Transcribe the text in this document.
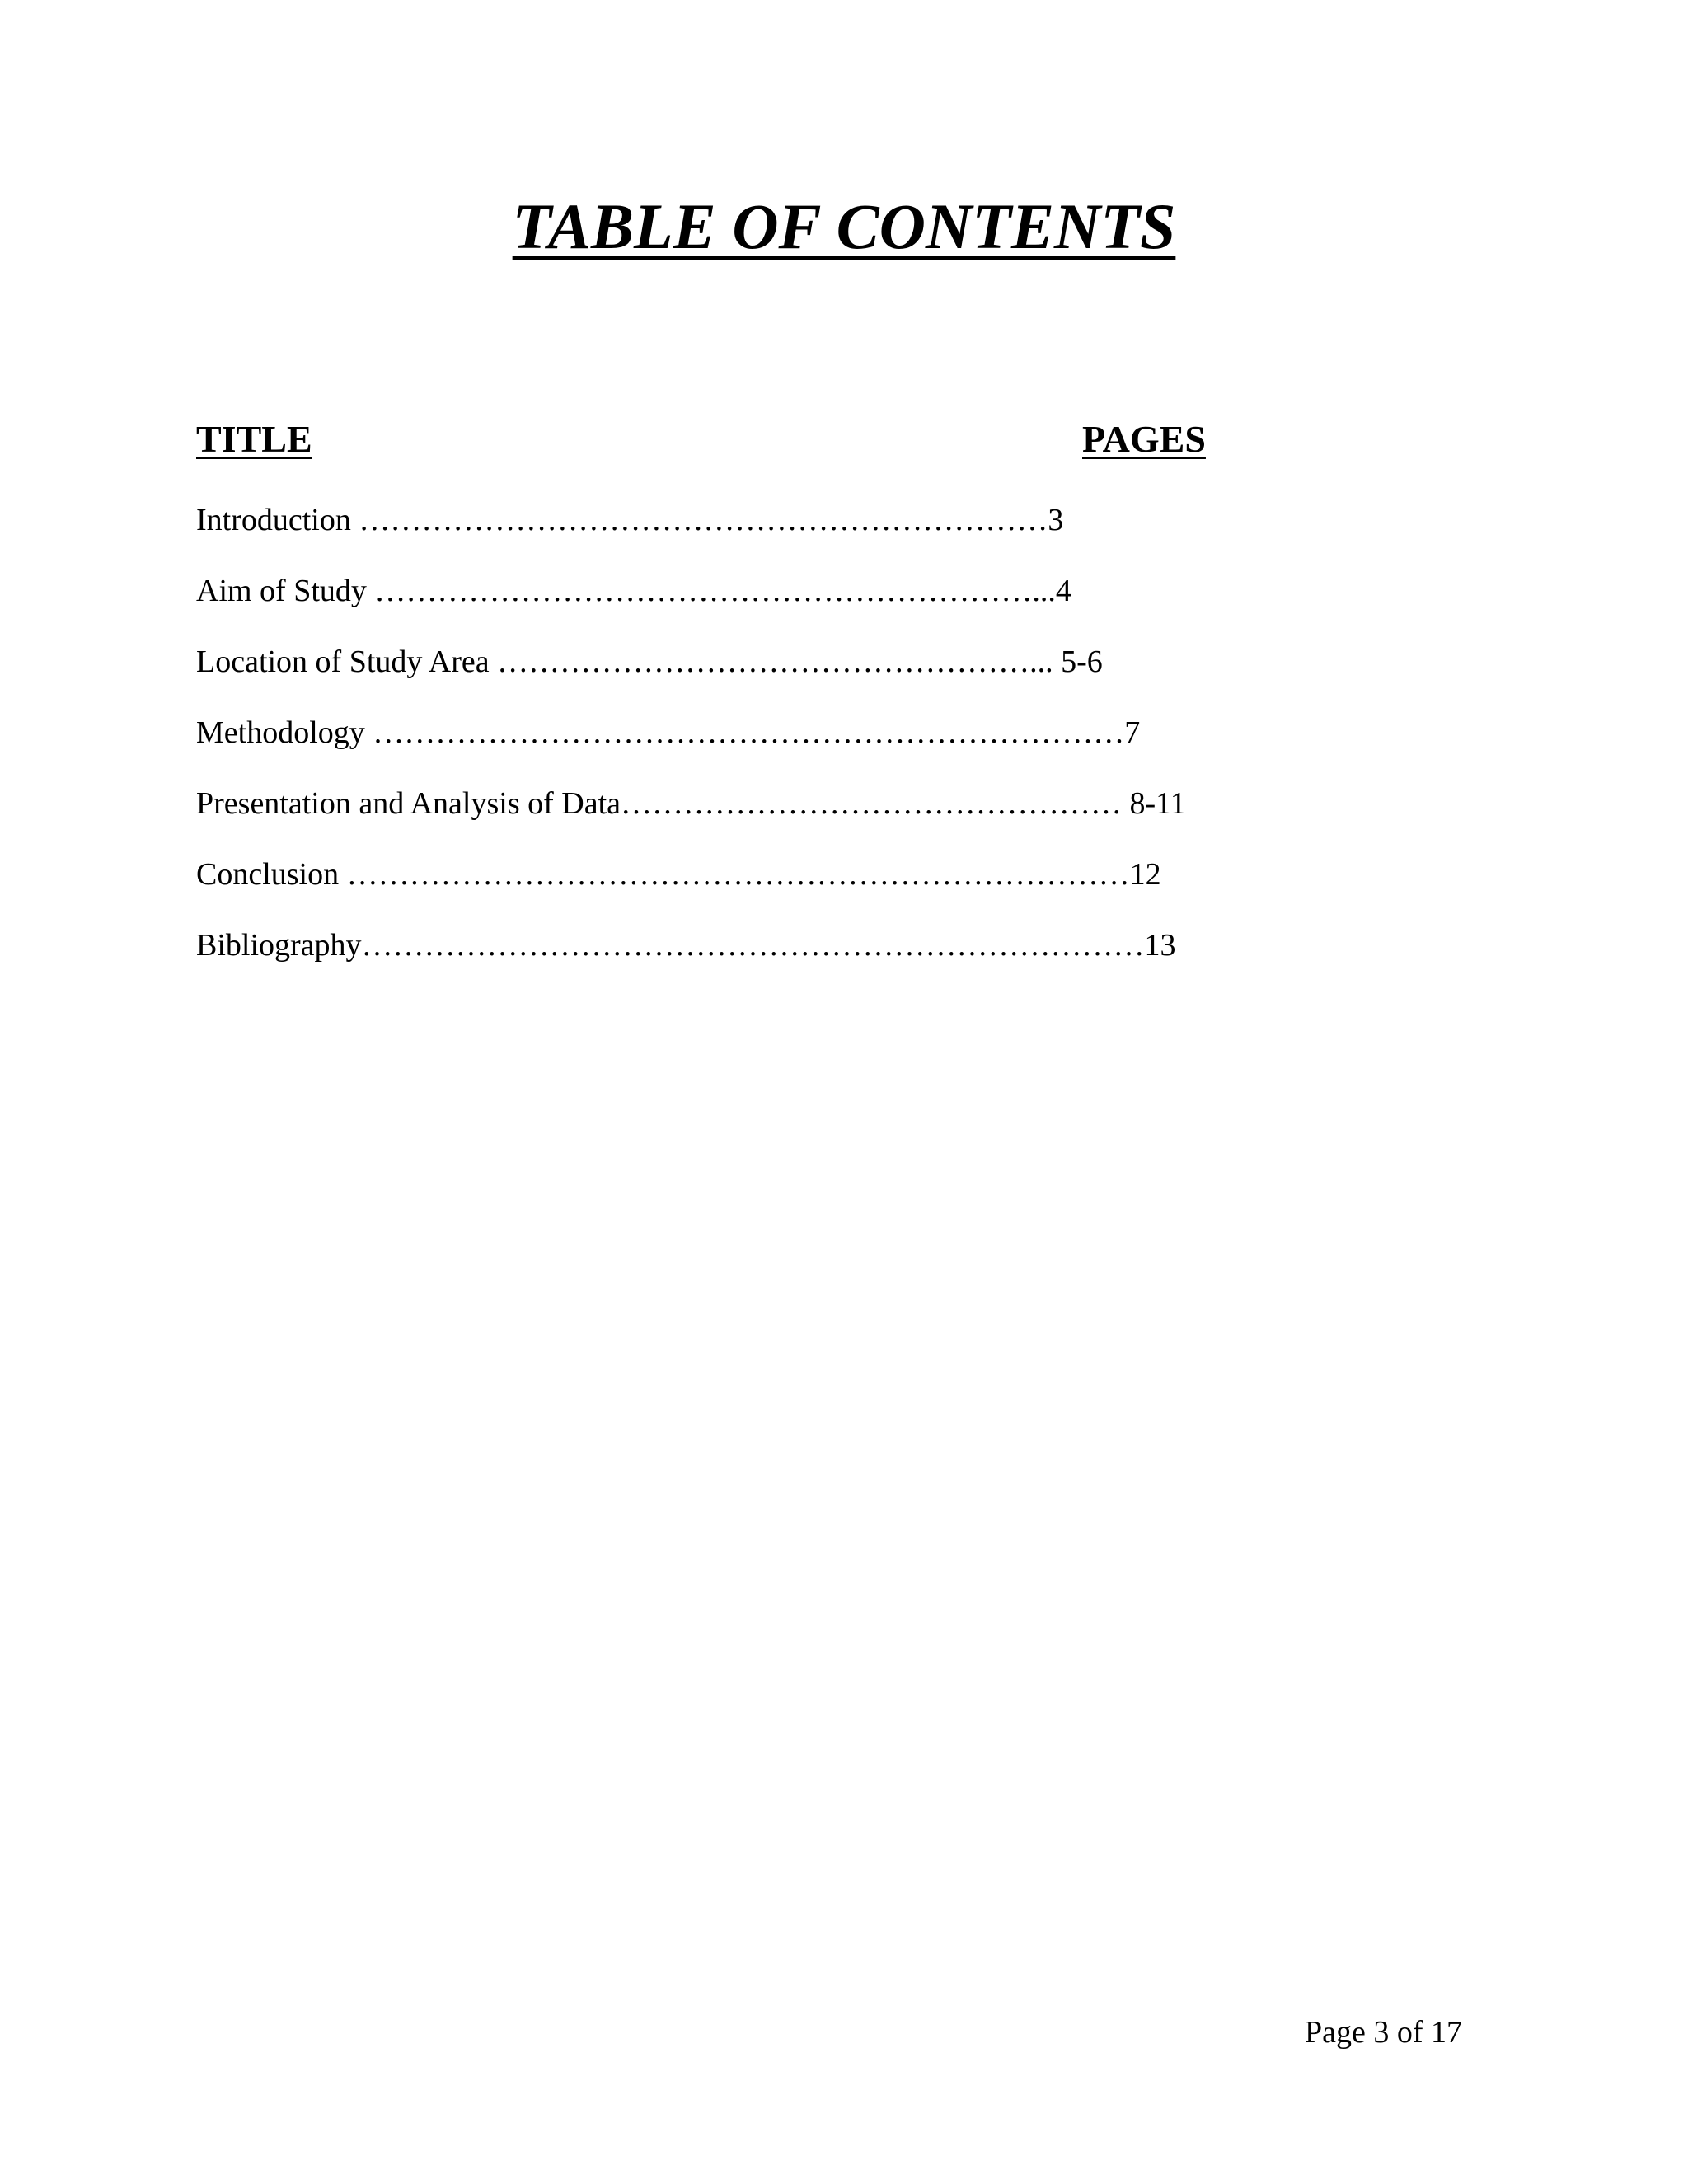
TABLE OF CONTENTS
TITLE	PAGES
Introduction …………………………………………………………3
Aim of Study ………………………………………………………...4
Location of Study Area ……………………………………………... 5-6
Methodology ………………………………………………………………7
Presentation and Analysis of Data………………………………………… 8-11
Conclusion …………………………………………………………………12
Bibliography…………………………………………………………………13
Page 3 of 17
